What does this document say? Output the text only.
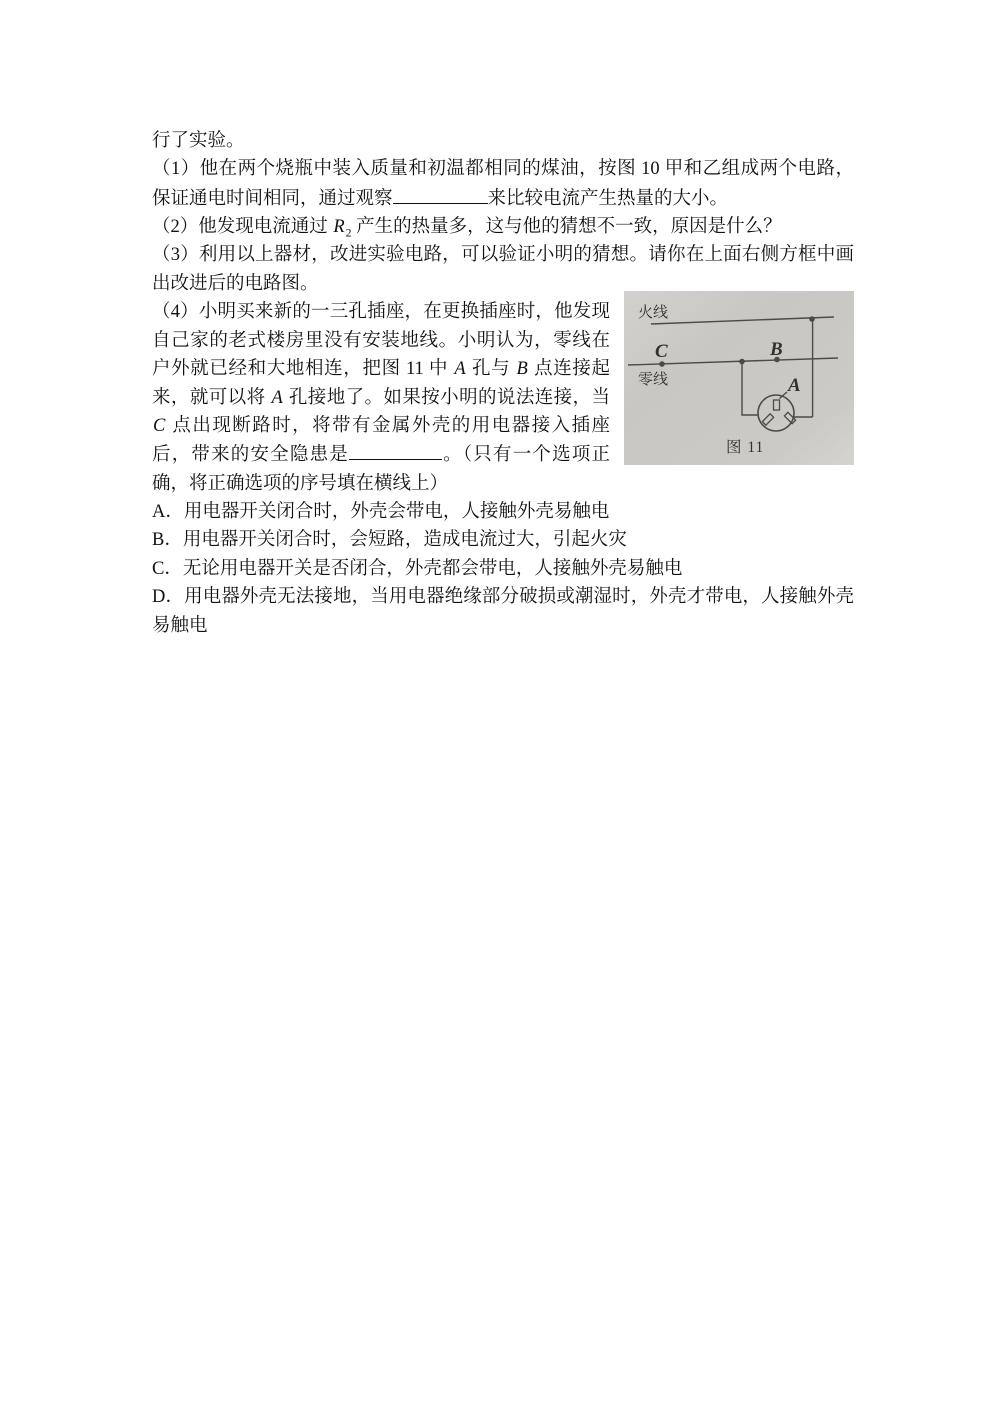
行了实验。

（1）他在两个烧瓶中装入质量和初温都相同的煤油，按图 10 甲和乙组成两个电路，保证通电时间相同，通过观察	来比较电流产生热量的大小。

（2）他发现电流通过 $R_2$ 产生的热量多，这与他的猜想不一致，原因是什么？

（3）利用以上器材，改进实验电路，可以验证小明的猜想。请你在上面右侧方框中画出改进后的电路图。

火线
零线
C	B
A
图 11
（4）小明买来新的一三孔插座，在更换插座时，他发现自己家的老式楼房里没有安装地线。小明认为，零线在户外就已经和大地相连，把图 11 中 A 孔与 B 点连接起来，就可以将 A 孔接地了。如果按小明的说法连接，当 C 点出现断路时，将带有金属外壳的用电器接入插座后，带来的安全隐患是	。（只有一个选项正确，将正确选项的序号填在横线上）

A．用电器开关闭合时，外壳会带电，人接触外壳易触电

B．用电器开关闭合时，会短路，造成电流过大，引起火灾

C．无论用电器开关是否闭合，外壳都会带电，人接触外壳易触电

D．用电器外壳无法接地，当用电器绝缘部分破损或潮湿时，外壳才带电，人接触外壳易触电
